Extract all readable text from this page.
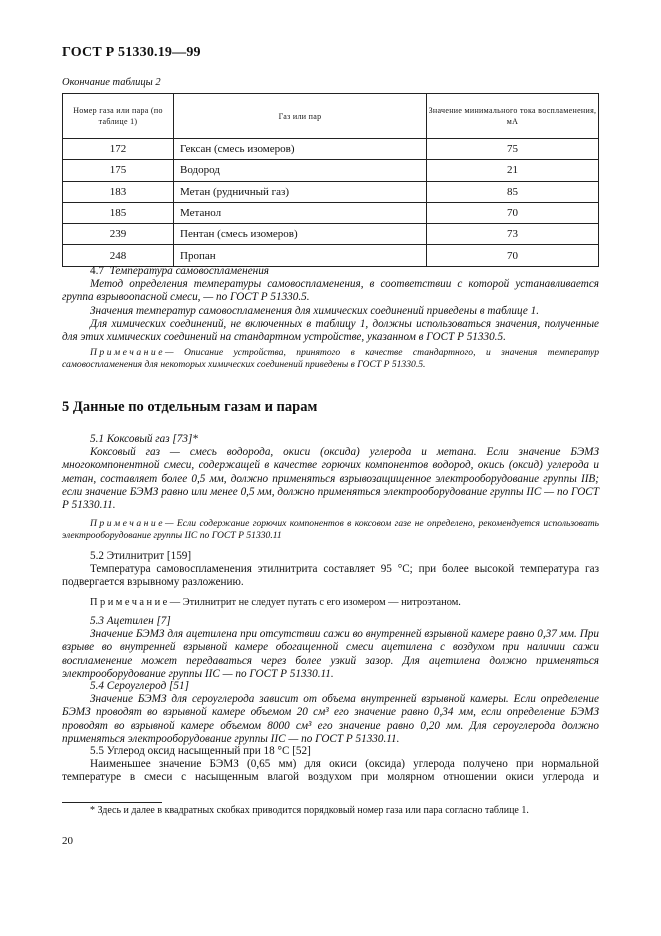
ГОСТ Р 51330.19—99
Окончание таблицы 2
Номер газа или пара (по таблице 1)	Газ или пар	Значение минимального тока воспламенения, мА
172	Гексан (смесь изомеров)	75
175	Водород	21
183	Метан (рудничный газ)	85
185	Метанол	70
239	Пентан (смесь изомеров)	73
248	Пропан	70
4.7 Температура самовоспламенения
Метод определения температуры самовоспламенения, в соответствии с которой устанавливается группа взрывоопасной смеси, — по ГОСТ Р 51330.5.
Значения температур самовоспламенения для химических соединений приведены в таблице 1.
Для химических соединений, не включенных в таблицу 1, должны использоваться значения, полученные для этих химических соединений на стандартном устройстве, указанном в ГОСТ Р 51330.5.
Примечание— Описание устройства, принятого в качестве стандартного, и значения температур самовоспламенения для некоторых химических соединений приведены в ГОСТ Р 51330.5.
5 Данные по отдельным газам и парам
5.1 Коксовый газ [73]*
Коксовый газ — смесь водорода, окиси (оксида) углерода и метана. Если значение БЭМЗ многокомпонентной смеси, содержащей в качестве горючих компонентов водород, окись (оксид) углерода и метан, составляет более 0,5 мм, должно применяться взрывозащищенное электрооборудование группы IIB; если значение БЭМЗ равно или менее 0,5 мм, должно применяться электрооборудование группы IIC — по ГОСТ Р 51330.11.
Примечание— Если содержание горючих компонентов в коксовом газе не определено, рекомендуется использовать электрооборудование группы IIC по ГОСТ Р 51330.11
5.2 Этилнитрит [159]
Температура самовоспламенения этилнитрита составляет 95 °С; при более высокой температура газ подвергается взрывному разложению.
Примечание— Этилнитрит не следует путать с его изомером — нитроэтаном.
5.3 Ацетилен [7]
Значение БЭМЗ для ацетилена при отсутствии сажи во внутренней взрывной камере равно 0,37 мм. При взрыве во внутренней взрывной камере обогащенной смеси ацетилена с воздухом при наличии сажи воспламенение может передаваться через более узкий зазор. Для ацетилена должно применяться электрооборудование группы IIC — по ГОСТ Р 51330.11.
5.4 Сероуглерод [51]
Значение БЭМЗ для сероуглерода зависит от объема внутренней взрывной камеры. Если определение БЭМЗ проводят во взрывной камере объемом 20 см³ его значение равно 0,34 мм, если определение БЭМЗ проводят во взрывной камере объемом 8000 см³ его значение равно 0,20 мм. Для сероуглерода должно применяться электрооборудование группы IIC — по ГОСТ Р 51330.11.
5.5 Углерод оксид насыщенный при 18 °С [52]
Наименьшее значение БЭМЗ (0,65 мм) для окиси (оксида) углерода получено при нормальной температуре в смеси с насыщенным влагой воздухом при молярном отношении окиси углерода и
* Здесь и далее в квадратных скобках приводится порядковый номер газа или пара согласно таблице 1.
20
